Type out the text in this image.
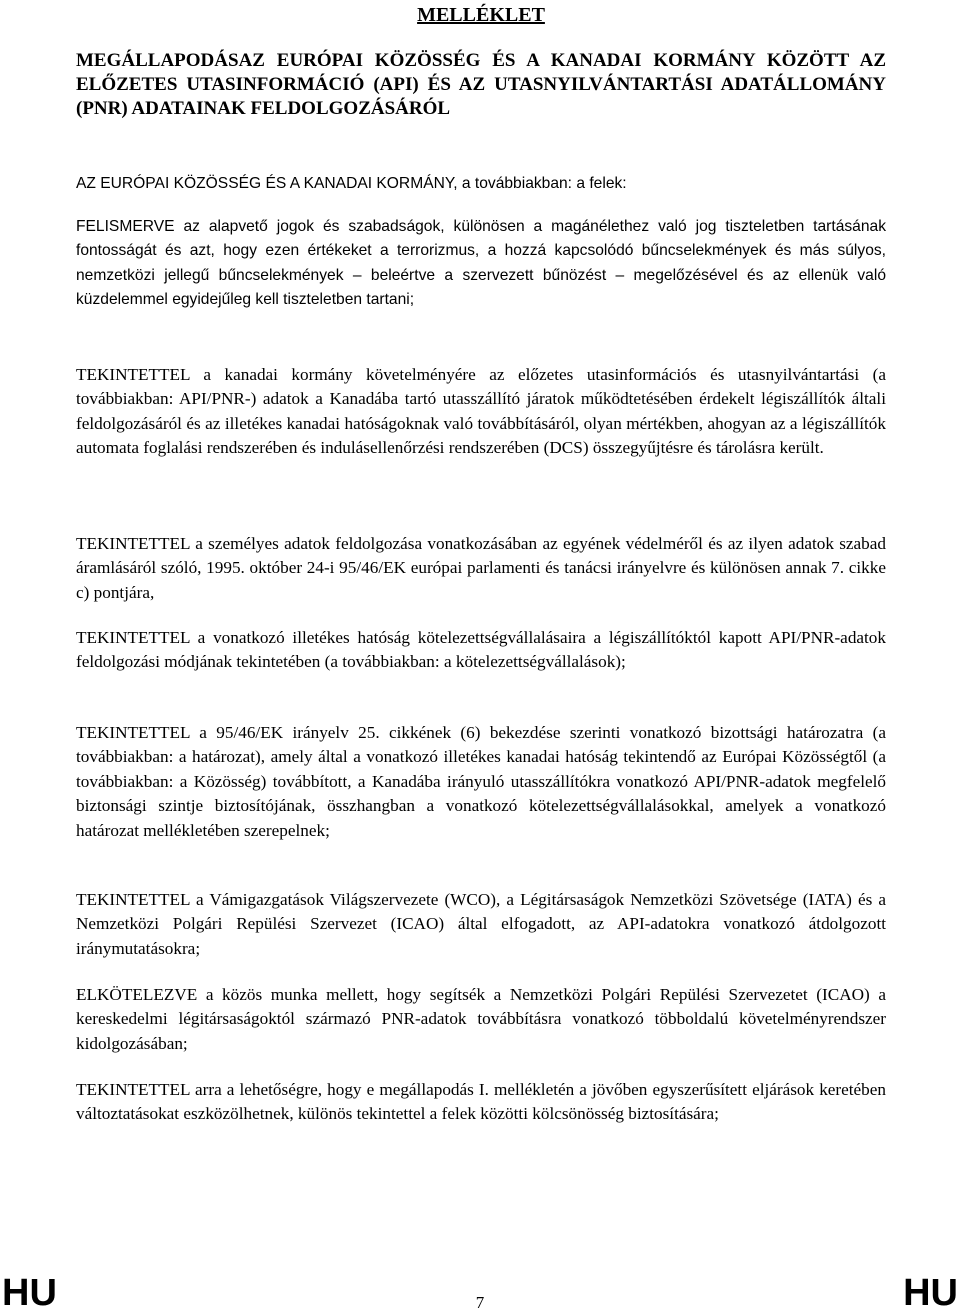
MELLÉKLET
MEGÁLLAPODÁSAZ EURÓPAI KÖZÖSSÉG ÉS A KANADAI KORMÁNY KÖZÖTT AZ ELŐZETES UTASINFORMÁCIÓ (API) ÉS AZ UTASNYILVÁNTARTÁSI ADATÁLLOMÁNY (PNR) ADATAINAK FELDOLGOZÁSÁRÓL

AZ EURÓPAI KÖZÖSSÉG ÉS A KANADAI KORMÁNY, a továbbiakban: a felek:

FELISMERVE az alapvető jogok és szabadságok, különösen a magánélethez való jog tiszteletben tartásának fontosságát és azt, hogy ezen értékeket a terrorizmus, a hozzá kapcsolódó bűncselekmények és más súlyos, nemzetközi jellegű bűncselekmények – beleértve a szervezett bűnözést – megelőzésével és az ellenük való küzdelemmel egyidejűleg kell tiszteletben tartani;

TEKINTETTEL a kanadai kormány követelményére az előzetes utasinformációs és utasnyilvántartási (a továbbiakban: API/PNR-) adatok a Kanadába tartó utasszállító járatok működtetésében érdekelt légiszállítók általi feldolgozásáról és az illetékes kanadai hatóságoknak való továbbításáról, olyan mértékben, ahogyan az a légiszállítók automata foglalási rendszerében és indulásellenőrzési rendszerében (DCS) összegyűjtésre és tárolásra került.

TEKINTETTEL a személyes adatok feldolgozása vonatkozásában az egyének védelméről és az ilyen adatok szabad áramlásáról szóló, 1995. október 24-i 95/46/EK európai parlamenti és tanácsi irányelvre és különösen annak 7. cikke c) pontjára,

TEKINTETTEL a vonatkozó illetékes hatóság kötelezettségvállalásaira a légiszállítóktól kapott API/PNR-adatok feldolgozási módjának tekintetében (a továbbiakban: a kötelezettségvállalások);

TEKINTETTEL a 95/46/EK irányelv 25. cikkének (6) bekezdése szerinti vonatkozó bizottsági határozatra (a továbbiakban: a határozat), amely által a vonatkozó illetékes kanadai hatóság tekintendő az Európai Közösségtől (a továbbiakban: a Közösség) továbbított, a Kanadába irányuló utasszállítókra vonatkozó API/PNR-adatok megfelelő biztonsági szintje biztosítójának, összhangban a vonatkozó kötelezettségvállalásokkal, amelyek a vonatkozó határozat mellékletében szerepelnek;

TEKINTETTEL a Vámigazgatások Világszervezete (WCO), a Légitársaságok Nemzetközi Szövetsége (IATA) és a Nemzetközi Polgári Repülési Szervezet (ICAO) által elfogadott, az API-adatokra vonatkozó átdolgozott iránymutatásokra;

ELKÖTELEZVE a közös munka mellett, hogy segítsék a Nemzetközi Polgári Repülési Szervezetet (ICAO) a kereskedelmi légitársaságoktól származó PNR-adatok továbbításra vonatkozó többoldalú követelményrendszer kidolgozásában;

TEKINTETTEL arra a lehetőségre, hogy e megállapodás I. mellékletén a jövőben egyszerűsített eljárások keretében változtatásokat eszközölhetnek, különös tekintettel a felek közötti kölcsönösség biztosítására;

HU	HU
7
